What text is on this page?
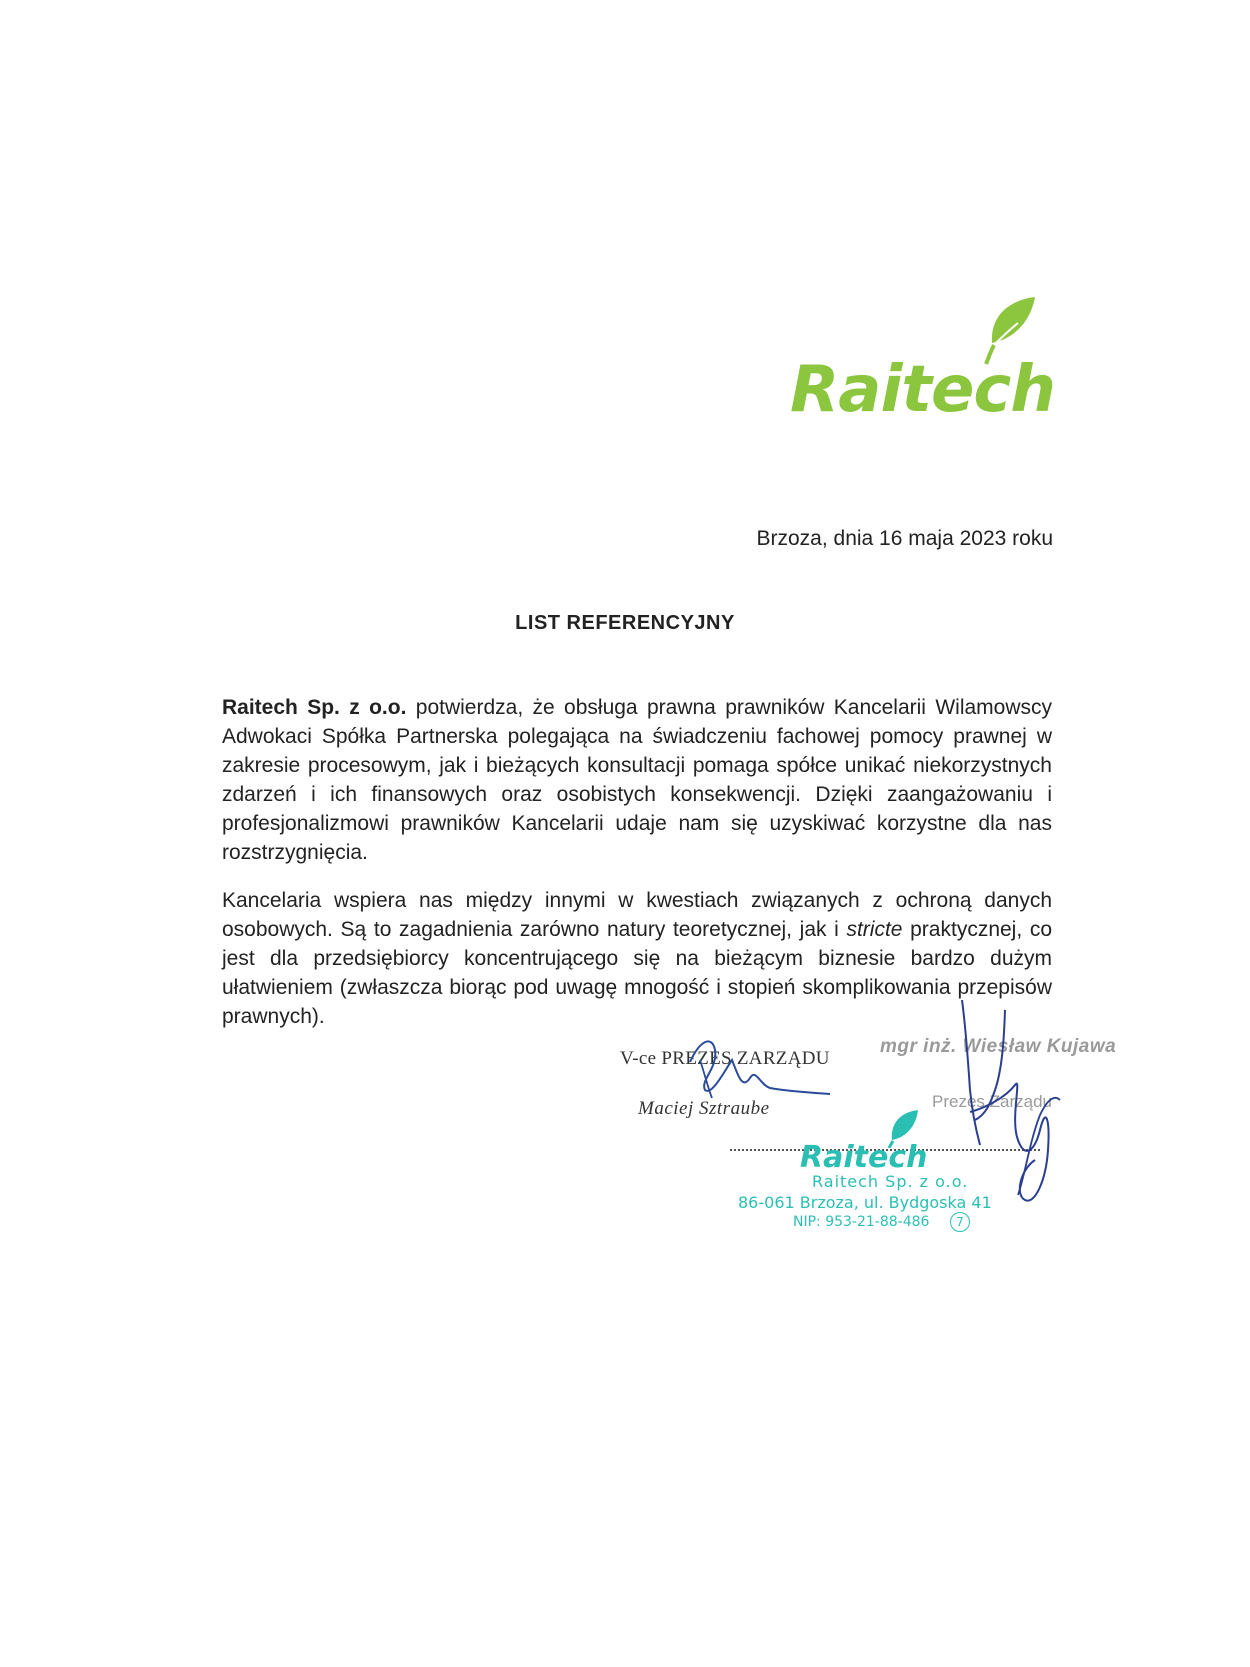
Raitech
Brzoza, dnia 16 maja 2023 roku
LIST REFERENCYJNY
Raitech Sp. z o.o. potwierdza, że obsługa prawna prawników Kancelarii Wilamowscy Adwokaci Spółka Partnerska polegająca na świadczeniu fachowej pomocy prawnej w zakresie procesowym, jak i bieżących konsultacji pomaga spółce unikać niekorzystnych zdarzeń i ich finansowych oraz osobistych konsekwencji. Dzięki zaangażowaniu i profesjonalizmowi prawników Kancelarii udaje nam się uzyskiwać korzystne dla nas rozstrzygnięcia.
Kancelaria wspiera nas między innymi w kwestiach związanych z ochroną danych osobowych. Są to zagadnienia zarówno natury teoretycznej, jak i stricte praktycznej, co jest dla przedsiębiorcy koncentrującego się na bieżącym biznesie bardzo dużym ułatwieniem (zwłaszcza biorąc pod uwagę mnogość i stopień skomplikowania przepisów prawnych).
V-ce PREZES ZARZĄDU
Maciej Sztraube
mgr inż. Wiesław Kujawa
Prezes Zarządu
Raitech
Raitech Sp. z o.o.
86-061 Brzoza, ul. Bydgoska 41
NIP: 953-21-88-486	7
